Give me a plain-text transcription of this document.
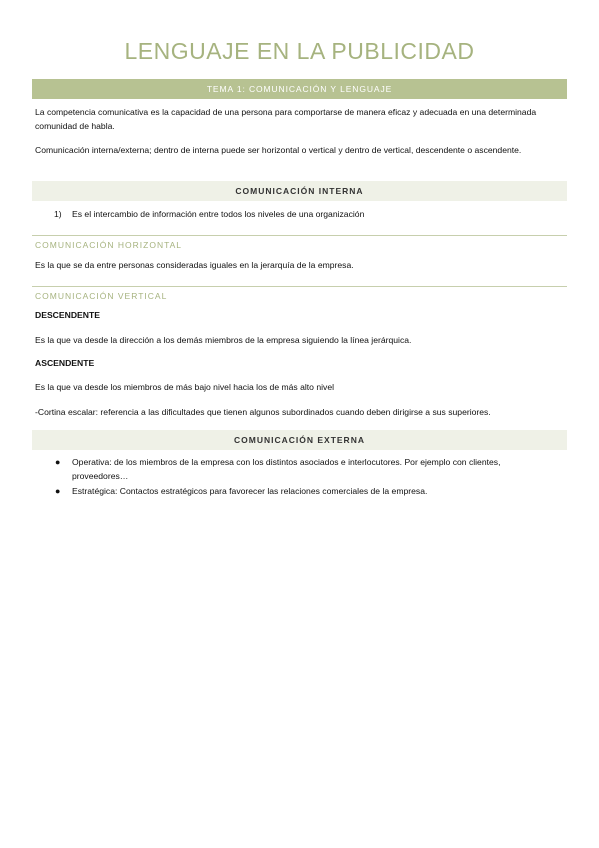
LENGUAJE EN LA PUBLICIDAD
TEMA 1: COMUNICACIÓN Y LENGUAJE

La competencia comunicativa es la capacidad de una persona para comportarse de manera eficaz y adecuada en una determinada comunidad de habla.

Comunicación interna/externa; dentro de interna puede ser horizontal o vertical y dentro de vertical, descendente o ascendente.

COMUNICACIÓN INTERNA
1) Es el intercambio de información entre todos los niveles de una organización
COMUNICACIÓN HORIZONTAL

Es la que se da entre personas consideradas iguales en la jerarquía de la empresa.

COMUNICACIÓN VERTICAL
DESCENDENTE

Es la que va desde la dirección a los demás miembros de la empresa siguiendo la línea jerárquica.

ASCENDENTE

Es la que va desde los miembros de más bajo nivel hacia los de más alto nivel

-Cortina escalar: referencia a las dificultades que tienen algunos subordinados cuando deben dirigirse a sus superiores.

COMUNICACIÓN EXTERNA
● Operativa: de los miembros de la empresa con los distintos asociados e interlocutores. Por ejemplo con clientes, proveedores…
● Estratégica: Contactos estratégicos para favorecer las relaciones comerciales de la empresa.
